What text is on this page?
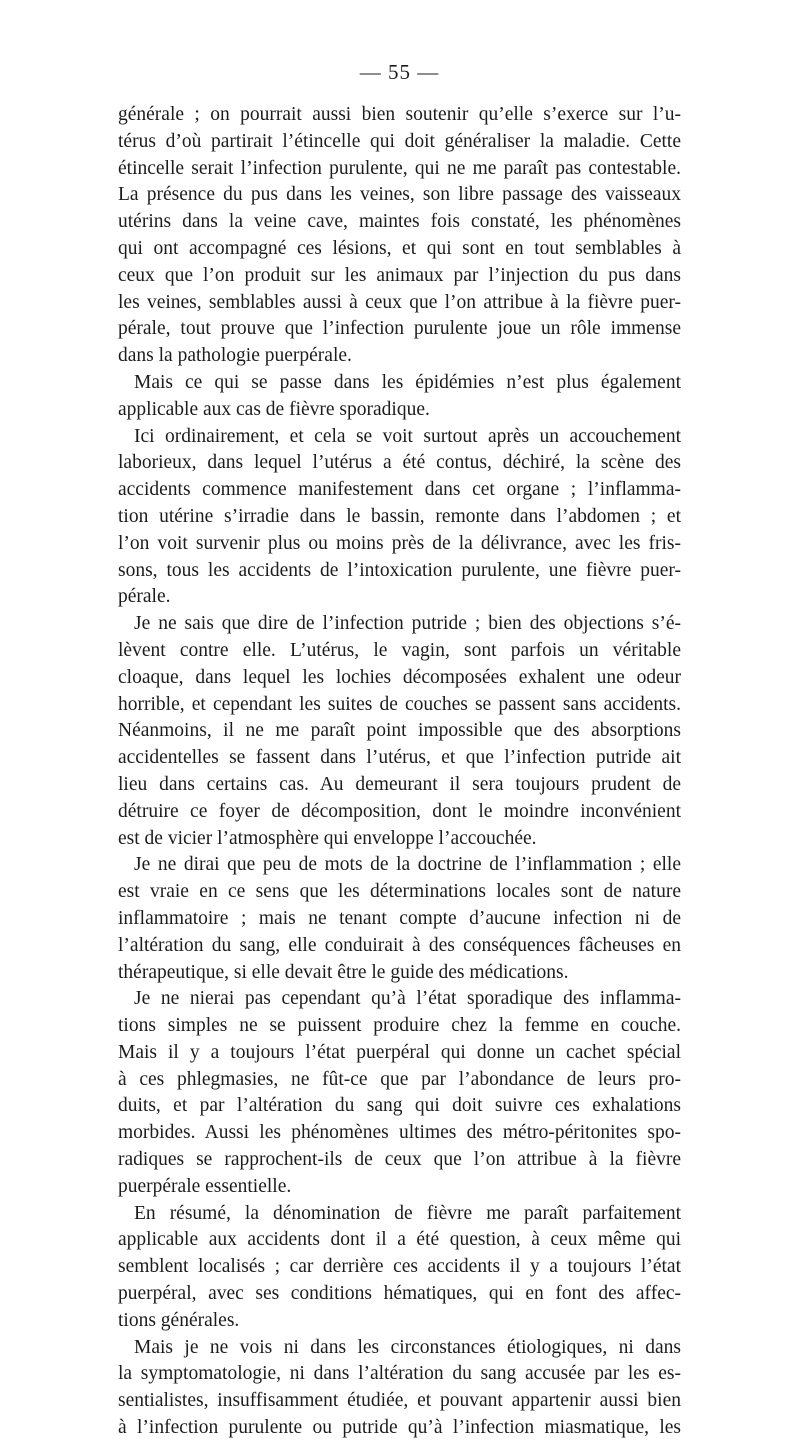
— 55 —
générale ; on pourrait aussi bien soutenir qu’elle s’exerce sur l’u-
térus d’où partirait l’étincelle qui doit généraliser la maladie. Cette
étincelle serait l’infection purulente, qui ne me paraît pas contestable.
La présence du pus dans les veines, son libre passage des vaisseaux
utérins dans la veine cave, maintes fois constaté, les phénomènes
qui ont accompagné ces lésions, et qui sont en tout semblables à
ceux que l’on produit sur les animaux par l’injection du pus dans
les veines, semblables aussi à ceux que l’on attribue à la fièvre puer-
pérale, tout prouve que l’infection purulente joue un rôle immense
dans la pathologie puerpérale.
Mais ce qui se passe dans les épidémies n’est plus également
applicable aux cas de fièvre sporadique.
Ici ordinairement, et cela se voit surtout après un accouchement
laborieux, dans lequel l’utérus a été contus, déchiré, la scène des
accidents commence manifestement dans cet organe ; l’inflamma-
tion utérine s’irradie dans le bassin, remonte dans l’abdomen ; et
l’on voit survenir plus ou moins près de la délivrance, avec les fris-
sons, tous les accidents de l’intoxication purulente, une fièvre puer-
pérale.
Je ne sais que dire de l’infection putride ; bien des objections s’é-
lèvent contre elle. L’utérus, le vagin, sont parfois un véritable
cloaque, dans lequel les lochies décomposées exhalent une odeur
horrible, et cependant les suites de couches se passent sans accidents.
Néanmoins, il ne me paraît point impossible que des absorptions
accidentelles se fassent dans l’utérus, et que l’infection putride ait
lieu dans certains cas. Au demeurant il sera toujours prudent de
détruire ce foyer de décomposition, dont le moindre inconvénient
est de vicier l’atmosphère qui enveloppe l’accouchée.
Je ne dirai que peu de mots de la doctrine de l’inflammation ; elle
est vraie en ce sens que les déterminations locales sont de nature
inflammatoire ; mais ne tenant compte d’aucune infection ni de
l’altération du sang, elle conduirait à des conséquences fâcheuses en
thérapeutique, si elle devait être le guide des médications.
Je ne nierai pas cependant qu’à l’état sporadique des inflamma-
tions simples ne se puissent produire chez la femme en couche.
Mais il y a toujours l’état puerpéral qui donne un cachet spécial
à ces phlegmasies, ne fût-ce que par l’abondance de leurs pro-
duits, et par l’altération du sang qui doit suivre ces exhalations
morbides. Aussi les phénomènes ultimes des métro-péritonites spo-
radiques se rapprochent-ils de ceux que l’on attribue à la fièvre
puerpérale essentielle.
En résumé, la dénomination de fièvre me paraît parfaitement
applicable aux accidents dont il a été question, à ceux même qui
semblent localisés ; car derrière ces accidents il y a toujours l’état
puerpéral, avec ses conditions hématiques, qui en font des affec-
tions générales.
Mais je ne vois ni dans les circonstances étiologiques, ni dans
la symptomatologie, ni dans l’altération du sang accusée par les es-
sentialistes, insuffisamment étudiée, et pouvant appartenir aussi bien
à l’infection purulente ou putride qu’à l’infection miasmatique, les
